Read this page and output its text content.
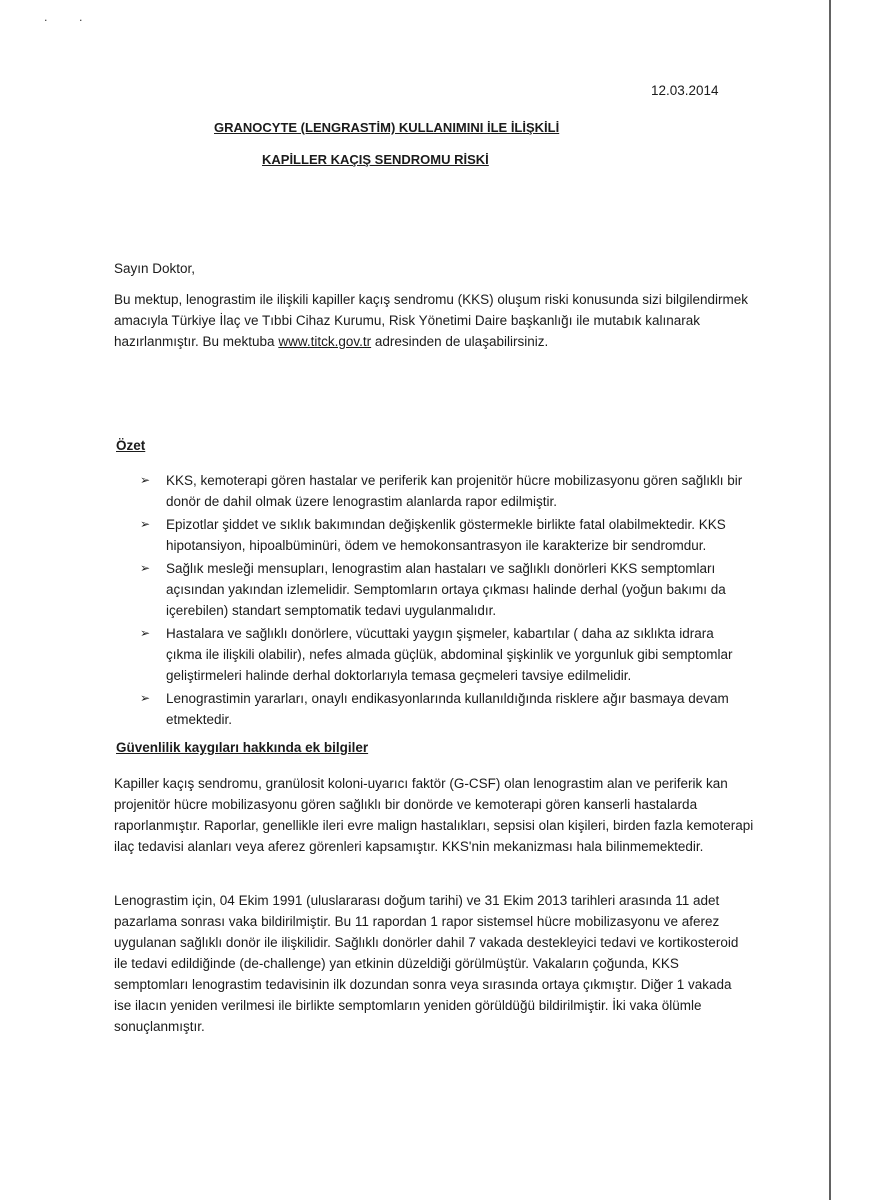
· ·
12.03.2014
GRANOCYTE (LENGRASTİM) KULLANIMINI İLE İLİŞKİLİ
KAPİLLER KAÇIŞ SENDROMU RİSKİ
Sayın Doktor,
Bu mektup, lenograstim ile ilişkili kapiller kaçış sendromu (KKS) oluşum riski konusunda sizi bilgilendirmek amacıyla Türkiye İlaç ve Tıbbi Cihaz Kurumu, Risk Yönetimi Daire başkanlığı ile mutabık kalınarak hazırlanmıştır. Bu mektuba www.titck.gov.tr adresinden de ulaşabilirsiniz.
Özet
➢ KKS, kemoterapi gören hastalar ve periferik kan projenitör hücre mobilizasyonu gören sağlıklı bir donör de dahil olmak üzere lenograstim alanlarda rapor edilmiştir.
➢ Epizotlar şiddet ve sıklık bakımından değişkenlik göstermekle birlikte fatal olabilmektedir. KKS hipotansiyon, hipoalbüminüri, ödem ve hemokonsantrasyon ile karakterize bir sendromdur.
➢ Sağlık mesleği mensupları, lenograstim alan hastaları ve sağlıklı donörleri KKS semptomları açısından yakından izlemelidir. Semptomların ortaya çıkması halinde derhal (yoğun bakımı da içerebilen) standart semptomatik tedavi uygulanmalıdır.
➢ Hastalara ve sağlıklı donörlere, vücuttaki yaygın şişmeler, kabartılar ( daha az sıklıkta idrara çıkma ile ilişkili olabilir), nefes almada güçlük, abdominal şişkinlik ve yorgunluk gibi semptomlar geliştirmeleri halinde derhal doktorlarıyla temasa geçmeleri tavsiye edilmelidir.
➢ Lenograstimin yararları, onaylı endikasyonlarında kullanıldığında risklere ağır basmaya devam etmektedir.
Güvenlilik kaygıları hakkında ek bilgiler
Kapiller kaçış sendromu, granülosit koloni-uyarıcı faktör (G-CSF) olan lenograstim alan ve periferik kan projenitör hücre mobilizasyonu gören sağlıklı bir donörde ve kemoterapi gören kanserli hastalarda raporlanmıştır. Raporlar, genellikle ileri evre malign hastalıkları, sepsisi olan kişileri, birden fazla kemoterapi ilaç tedavisi alanları veya aferez görenleri kapsamıştır. KKS'nin mekanizması hala bilinmemektedir.
Lenograstim için, 04 Ekim 1991 (uluslararası doğum tarihi) ve 31 Ekim 2013 tarihleri arasında 11 adet pazarlama sonrası vaka bildirilmiştir. Bu 11 rapordan 1 rapor sistemsel hücre mobilizasyonu ve aferez uygulanan sağlıklı donör ile ilişkilidir. Sağlıklı donörler dahil 7 vakada destekleyici tedavi ve kortikosteroid ile tedavi edildiğinde (de-challenge) yan etkinin düzeldiği görülmüştür. Vakaların çoğunda, KKS semptomları lenograstim tedavisinin ilk dozundan sonra veya sırasında ortaya çıkmıştır. Diğer 1 vakada ise ilacın yeniden verilmesi ile birlikte semptomların yeniden görüldüğü bildirilmiştir. İki vaka ölümle sonuçlanmıştır.
